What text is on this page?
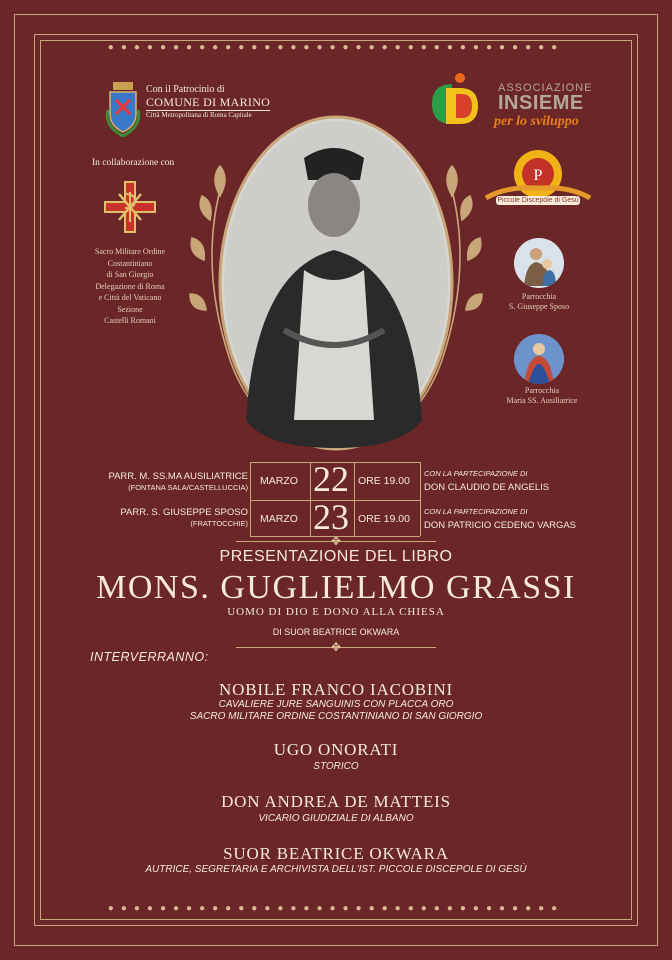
●●●●●●●●●●●●●●●●●●●●●●●●●●●●●●●●●●●
●●●●●●●●●●●●●●●●●●●●●●●●●●●●●●●●●●●
Con il Patrocinio di
COMUNE DI MARINO
Città Metropolitana di Roma Capitale
In collaborazione con
Sacro Militare Ordine
Costantiniano
di San Giorgio
Delegazione di Roma
e Città del Vaticano
Sezione
Castelli Romani
ASSOCIAZIONE
INSIEME
per lo sviluppo
P
Piccole Discepole di Gesù
Parrocchia
S. Giuseppe Sposo
Parrocchia
Maria SS. Ausiliatrice
PARR. M. SS.MA AUSILIATRICE
(FONTANA SALA/CASTELLUCCIA)
MARZO 22 ORE 19.00
CON LA PARTECIPAZIONE DI
DON CLAUDIO DE ANGELIS
PARR. S. GIUSEPPE SPOSO
(FRATTOCCHIE) MARZO 23 ORE 19.00
CON LA PARTECIPAZIONE DI
DON PATRICIO CEDENO VARGAS
✥
PRESENTAZIONE DEL LIBRO
MONS. GUGLIELMO GRASSI
UOMO DI DIO E DONO ALLA CHIESA
DI SUOR BEATRICE OKWARA
✥
INTERVERRANNO:
NOBILE FRANCO IACOBINI
CAVALIERE JURE SANGUINIS CON PLACCA ORO
SACRO MILITARE ORDINE COSTANTINIANO DI SAN GIORGIO
UGO ONORATI
STORICO
DON ANDREA DE MATTEIS
VICARIO GIUDIZIALE DI ALBANO
SUOR BEATRICE OKWARA
AUTRICE, SEGRETARIA E ARCHIVISTA DELL'IST. PICCOLE DISCEPOLE DI GESÙ
